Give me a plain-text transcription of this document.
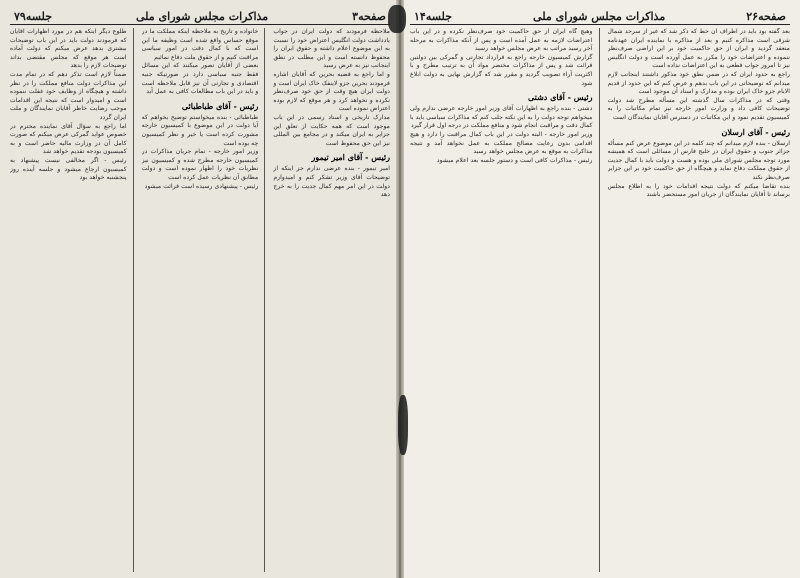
صفحه۳
مذاکرات مجلس شورای ملی
جلسه۷۹

ملاحظه فرمودند که دولت ایران در جواب یادداشت دولت انگلیس اعتراض خود را نسبت به این موضوع اعلام داشته و حقوق ایران را محفوظ دانسته است و این مطلب در نطق اینجانب نیز به عرض رسید

و اما راجع به قضیه بحرین که آقایان اشاره فرمودند بحرین جزو لاینفک خاک ایران است و دولت ایران هیچ وقت از حق خود صرف‌نظر نکرده و نخواهد کرد و هر موقع که لازم بوده اعتراض نموده است

مدارک تاریخی و اسناد رسمی در این باب موجود است که همه حکایت از تعلق این جزایر به ایران میکند و در مجامع بین المللی نیز این حق محفوظ است

رئیس - آقای امیر تیمور

امیر تیمور - بنده عرضی ندارم جز اینکه از توضیحات آقای وزیر تشکر کنم و امیدوارم دولت در این امر مهم کمال جدیت را به خرج دهد

خانواده و تاریخ به ملاحظه اینکه مملکت ما در موقع حساس واقع شده است وظیفه ما این است که با کمال دقت در امور سیاسی مراقبت کنیم و از حقوق ملت دفاع نمائیم

بعضی از آقایان تصور میکنند که این مسائل فقط جنبه سیاسی دارد در صورتیکه جنبه اقتصادی و تجارتی آن نیز قابل ملاحظه است و باید در این باب مطالعات کافی به عمل آید

رئیس - آقای طباطبائی

طباطبائی - بنده میخواستم توضیح بخواهم که آیا دولت در این موضوع با کمیسیون خارجه مشورت کرده است یا خیر و نظر کمیسیون چه بوده است

وزیر امور خارجه - تمام جریان مذاکرات در کمیسیون خارجه مطرح شده و کمیسیون نیز نظریات خود را اظهار نموده است و دولت مطابق آن نظریات عمل کرده است

رئیس - پیشنهادی رسیده است قرائت میشود

طلوع دیگر اینکه هم در مورد اظهارات آقایان که فرمودند دولت باید در این باب توضیحات بیشتری بدهد عرض میکنم که دولت آماده است هر موقع که مجلس مقتضی بداند توضیحات لازم را بدهد

ضمناً لازم است تذکر دهم که در تمام مدت این مذاکرات دولت منافع مملکت را در نظر داشته و هیچگاه از وظایف خود غفلت ننموده است و امیدوار است که نتیجه این اقدامات موجب رضایت خاطر آقایان نمایندگان و ملت ایران گردد

اما راجع به سؤال آقای نماینده محترم در خصوص عواید گمرکی عرض میکنم که صورت کامل آن در وزارت مالیه حاضر است و به کمیسیون بودجه تقدیم خواهد شد

رئیس - اگر مخالفی نیست پیشنهاد به کمیسیون ارجاع میشود و جلسه آینده روز پنجشنبه خواهد بود

صفحه۲۶
مذاکرات مجلس شورای ملی
جلسه۱۴

بعد گفته بود باید در اطراف آن خط که ذکر شد که غیر از سرحد شمال شرقی است مذاکره کنیم و بعد از مذاکره با نماینده ایران عهدنامه منعقد گردید و ایران از حق حاکمیت خود بر این اراضی صرف‌نظر ننموده و اعتراضات خود را مکرر به عمل آورده است و دولت انگلیس نیز تا امروز جواب قطعی به این اعتراضات نداده است

راجع به حدود ایران که در ضمن نطق خود مذکور داشتند اینجانب لازم میدانم که توضیحاتی در این باب بدهم و عرض کنم که این حدود از قدیم الایام جزو خاک ایران بوده و مدارک و اسناد آن موجود است

وقتی که در مذاکرات سال گذشته این مسأله مطرح شد دولت توضیحات کافی داد و وزارت امور خارجه نیز تمام مکاتبات را به کمیسیون تقدیم نمود و این مکاتبات در دسترس آقایان نمایندگان است

رئیس - آقای ارسلان

ارسلان - بنده لازم میدانم که چند کلمه در این موضوع عرض کنم مسأله جزائر جنوب و حقوق ایران در خلیج فارس از مسائلی است که همیشه مورد توجه مجلس شورای ملی بوده و هست و دولت باید با کمال جدیت از حقوق مملکت دفاع نماید و هیچگاه از حق حاکمیت خود بر این جزایر صرف‌نظر نکند

بنده تقاضا میکنم که دولت نتیجه اقدامات خود را به اطلاع مجلس برساند تا آقایان نمایندگان از جریان امور مستحضر باشند

وهیچ گاه ایران از حق حاکمیت خود صرف‌نظر نکرده و در این باب اعتراضات لازمه به عمل آمده است و پس از آنکه مذاکرات به مرحله آخر رسید مراتب به عرض مجلس خواهد رسید

گزارش کمیسیون خارجه راجع به قرارداد تجارتی و گمرکی بین دولتین قرائت شد و پس از مذاکرات مختصر مواد آن به ترتیب مطرح و با اکثریت آراء تصویب گردید و مقرر شد که گزارش نهایی به دولت ابلاغ شود

رئیس - آقای دشتی

دشتی - بنده راجع به اظهارات آقای وزیر امور خارجه عرضی ندارم ولی میخواهم توجه دولت را به این نکته جلب کنم که مذاکرات سیاسی باید با کمال دقت و مراقبت انجام شود و منافع مملکت در درجه اول قرار گیرد

وزیر امور خارجه - البته دولت در این باب کمال مراقبت را دارد و هیچ اقدامی بدون رعایت مصالح مملکت به عمل نخواهد آمد و نتیجه مذاکرات به موقع به عرض مجلس خواهد رسید

رئیس - مذاکرات کافی است و دستور جلسه بعد اعلام میشود
